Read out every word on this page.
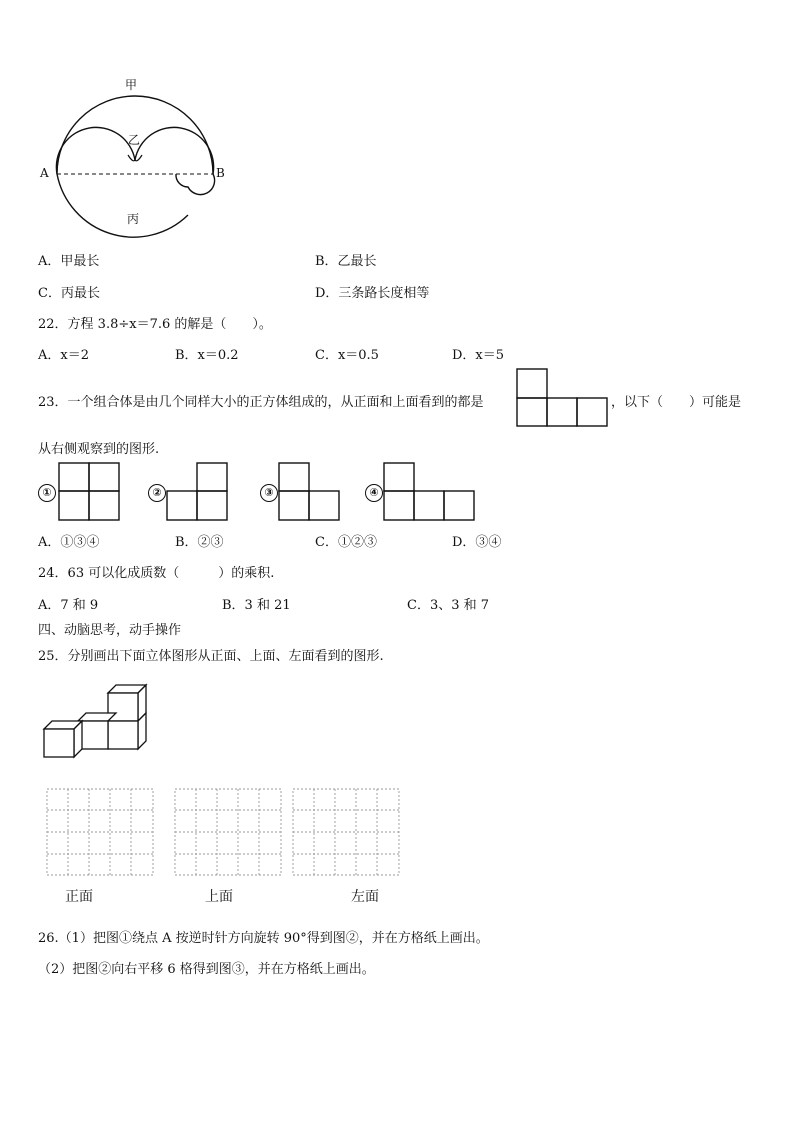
甲
乙
丙
A	B
A．甲最长	B．乙最长
C．丙最长	D．三条路长度相等
22．方程 3.8÷x＝7.6 的解是（　　）。
A．x＝2	B．x＝0.2	C．x＝0.5	D．x＝5
23．一个组合体是由几个同样大小的正方体组成的，从正面和上面看到的都是	，以下（　　）可能是
从右侧观察到的图形.
①	②	③	④
A．①③④	B．②③	C．①②③	D．③④
24．63 可以化成质数（　　　）的乘积.
A．7 和 9	B．3 和 21	C．3、3 和 7
四、动脑思考，动手操作
25．分别画出下面立体图形从正面、上面、左面看到的图形.
正面	上面	左面
26.（1）把图①绕点 A 按逆时针方向旋转 90°得到图②，并在方格纸上画出。
（2）把图②向右平移 6 格得到图③，并在方格纸上画出。
